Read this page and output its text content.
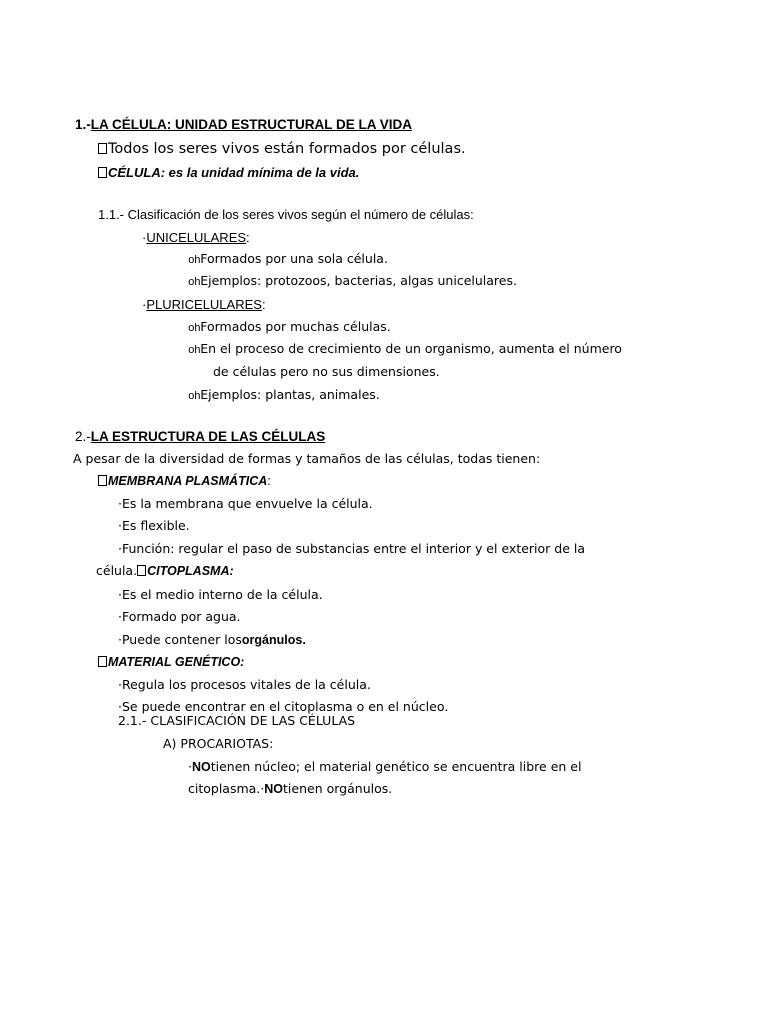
1.-LA CÉLULA: UNIDAD ESTRUCTURAL DE LA VIDA
Todos los seres vivos están formados por células.
CÉLULA: es la unidad mínima de la vida.
1.1.- Clasificación de los seres vivos según el número de células:
·UNICELULARES:
ohFormados por una sola célula.
ohEjemplos: protozoos, bacterias, algas unicelulares.
·PLURICELULARES:
ohFormados por muchas células.
ohEn el proceso de crecimiento de un organismo, aumenta el número
de células pero no sus dimensiones.
ohEjemplos: plantas, animales.
2.-LA ESTRUCTURA DE LAS CÉLULAS
A pesar de la diversidad de formas y tamaños de las células, todas tienen:
MEMBRANA PLASMÁTICA:
·Es la membrana que envuelve la célula.
·Es flexible.
·Función: regular el paso de substancias entre el interior y el exterior de la
célula. CITOPLASMA:
·Es el medio interno de la célula.
·Formado por agua.
·Puede contener losorgánulos.
MATERIAL GENÉTICO:
·Regula los procesos vitales de la célula.
·Se puede encontrar en el citoplasma o en el núcleo.
2.1.- CLASIFICACIÓN DE LAS CÉLULAS
A) PROCARIOTAS:
·NOtienen núcleo; el material genético se encuentra libre en el
citoplasma.·NOtienen orgánulos.
